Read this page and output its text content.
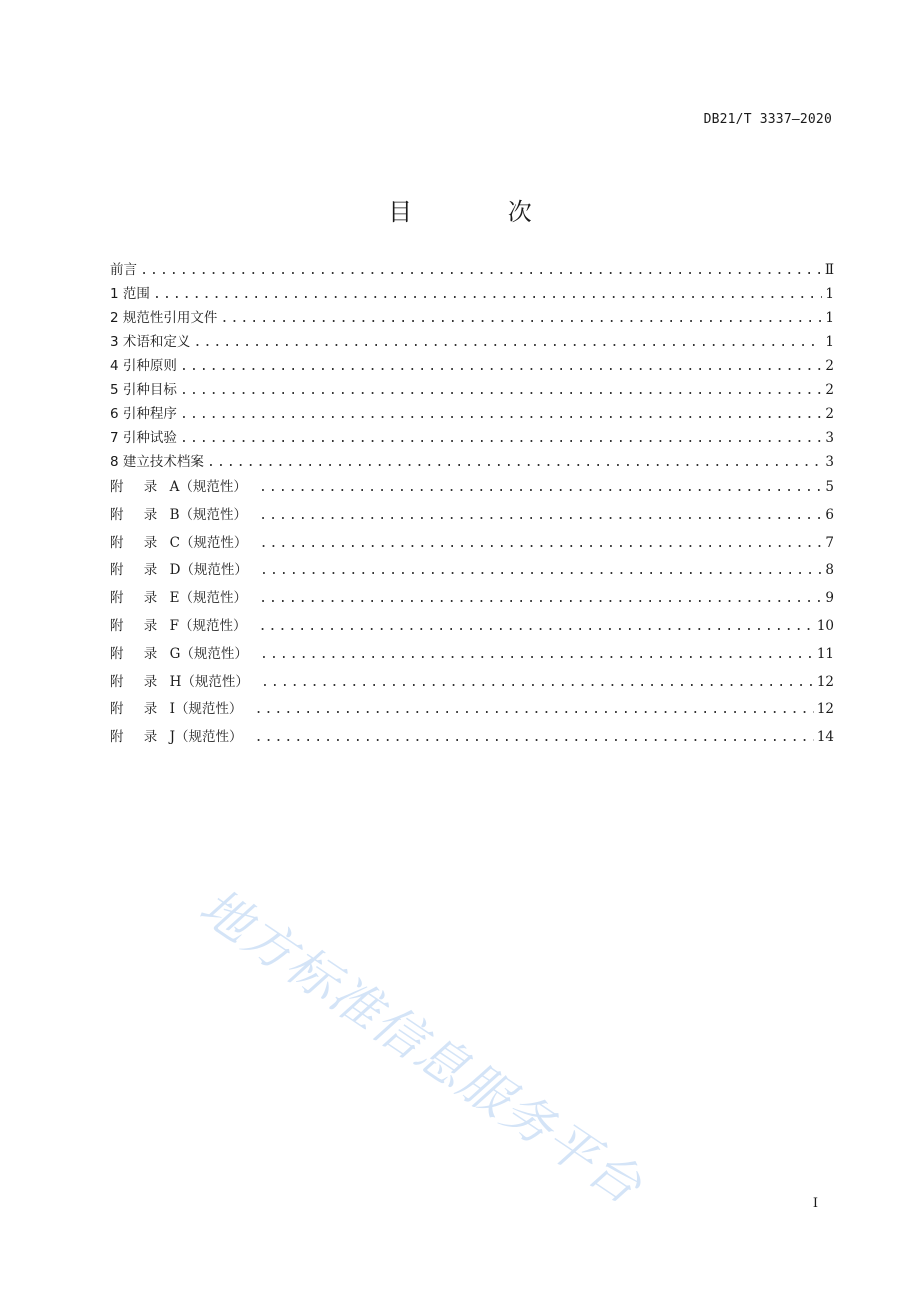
DB21/T 3337—2020
目 次
前言 .....	Ⅱ
1 范围 .....	1
2 规范性引用文件 .....	1
3 术语和定义 .....	1
4 引种原则 .....	2
5 引种目标 .....	2
6 引种程序 .....	2
7 引种试验 .....	3
8 建立技术档案 .....	3
附 录 A（规范性） .....	5
附 录 B（规范性） .....	6
附 录 C（规范性） .....	7
附 录 D（规范性） .....	8
附 录 E（规范性） .....	9
附 录 F（规范性） .....	10
附 录 G（规范性） .....	11
附 录 H（规范性） .....	12
附 录 I（规范性） .....	12
附 录 J（规范性） .....	14
地方标准信息服务平台	I
